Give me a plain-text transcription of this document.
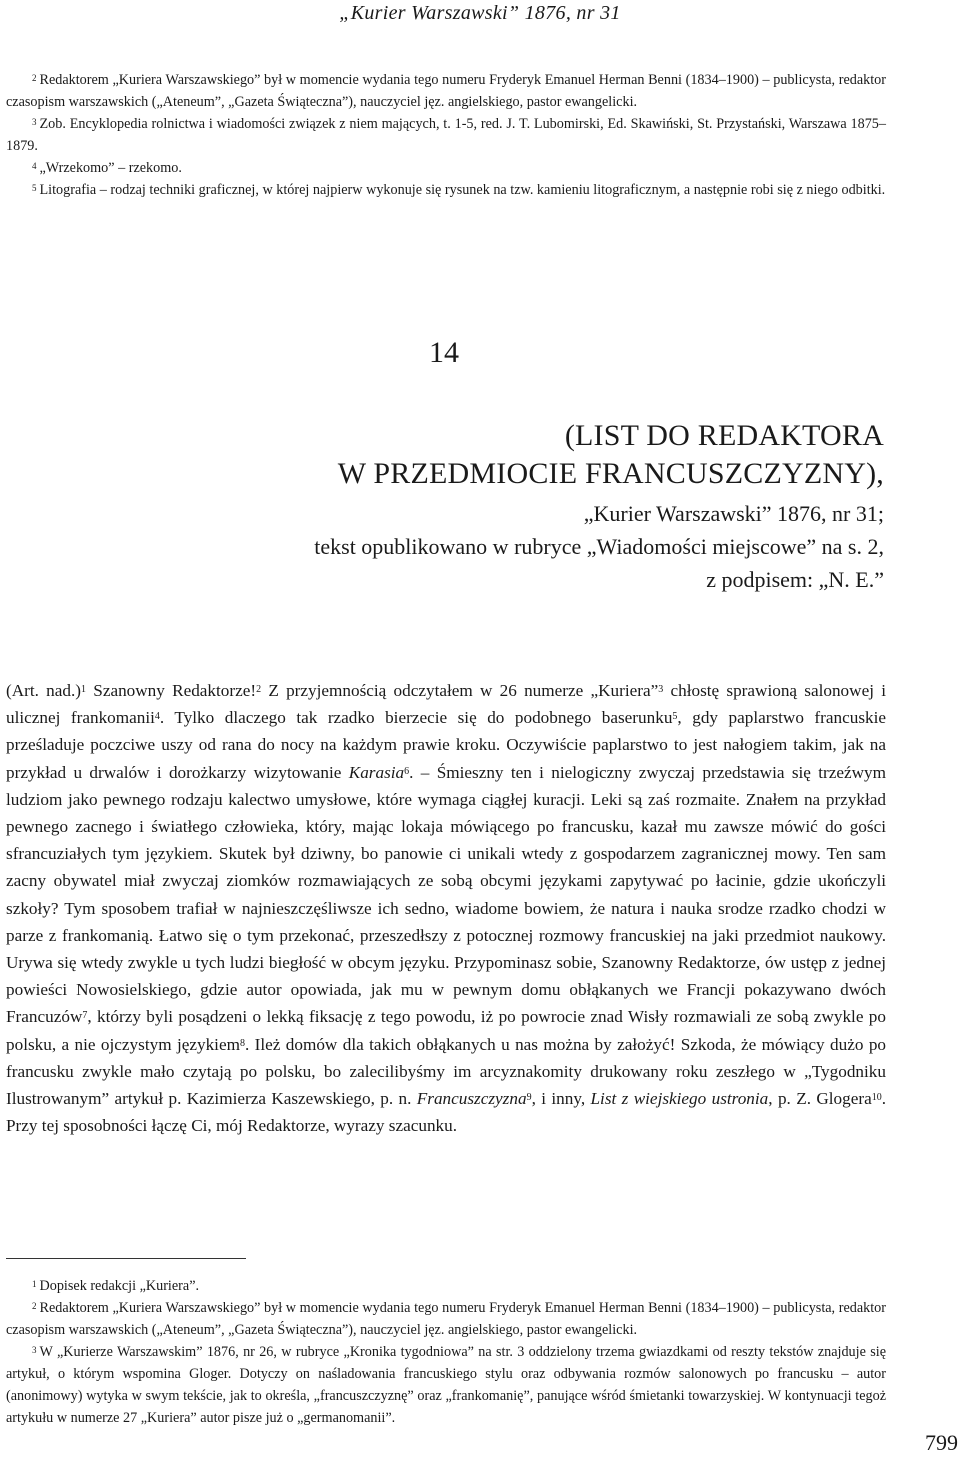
„Kurier Warszawski” 1876, nr 31

$^2$ Redaktorem „Kuriera Warszawskiego” był w momencie wydania tego numeru Fryderyk Emanuel Herman Benni (1834–1900) – publicysta, redaktor czasopism warszawskich („Ateneum”, „Gazeta Świąteczna”), nauczyciel jęz. angielskiego, pastor ewangelicki.

$^3$ Zob. Encyklopedia rolnictwa i wiadomości związek z niem mających, t. 1-5, red. J. T. Lubomirski, Ed. Skawiński, St. Przystański, Warszawa 1875–1879.

$^4$ „Wrzekomo” – rzekomo.

$^5$ Litografia – rodzaj techniki graficznej, w której najpierw wykonuje się rysunek na tzw. kamieniu litograficznym, a następnie robi się z niego odbitki.

14
(LIST DO REDAKTORA
W PRZEDMIOCIE FRANCUSZCZYZNY),
„Kurier Warszawski” 1876, nr 31;
tekst opublikowano w rubryce „Wiadomości miejscowe” na s. 2,
z podpisem: „N. E.”

(Art. nad.)$^1$ Szanowny Redaktorze!$^2$ Z przyjemnością odczytałem w 26 numerze „Kuriera”$^3$ chłostę sprawioną salonowej i ulicznej frankomanii$^4$. Tylko dlaczego tak rzadko bierzecie się do podobnego baserunku$^5$, gdy paplarstwo francuskie prześladuje poczciwe uszy od rana do nocy na każdym prawie kroku. Oczywiście paplarstwo to jest nałogiem takim, jak na przykład u drwalów i dorożkarzy wizytowanie Karasia$^6$. – Śmieszny ten i nielogiczny zwyczaj przedstawia się trzeźwym ludziom jako pewnego rodzaju kalectwo umysłowe, które wymaga ciągłej kuracji. Leki są zaś rozmaite. Znałem na przykład pewnego zacnego i światłego człowieka, który, mając lokaja mówiącego po francusku, kazał mu zawsze mówić do gości sfrancuziałych tym językiem. Skutek był dziwny, bo panowie ci unikali wtedy z gospodarzem zagranicznej mowy. Ten sam zacny obywatel miał zwyczaj ziomków rozmawiających ze sobą obcymi językami zapytywać po łacinie, gdzie ukończyli szkoły? Tym sposobem trafiał w najnieszczęśliwsze ich sedno, wiadome bowiem, że natura i nauka srodze rzadko chodzi w parze z frankomanią. Łatwo się o tym przekonać, przeszedłszy z potocznej rozmowy francuskiej na jaki przedmiot naukowy. Urywa się wtedy zwykle u tych ludzi biegłość w obcym języku. Przypominasz sobie, Szanowny Redaktorze, ów ustęp z jednej powieści Nowosielskiego, gdzie autor opowiada, jak mu w pewnym domu obłąkanych we Francji pokazywano dwóch Francuzów$^7$, którzy byli posądzeni o lekką fiksację z tego powodu, iż po powrocie znad Wisły rozmawiali ze sobą zwykle po polsku, a nie ojczystym językiem$^8$. Ileż domów dla takich obłąkanych u nas można by założyć! Szkoda, że mówiący dużo po francusku zwykle mało czytają po polsku, bo zalecilibyśmy im arcyznakomity drukowany roku zeszłego w „Tygodniku Ilustrowanym” artykuł p. Kazimierza Kaszewskiego, p. n. Francuszczyzna$^9$, i inny, List z wiejskiego ustronia, p. Z. Glogera$^{10}$. Przy tej sposobności łączę Ci, mój Redaktorze, wyrazy szacunku.

$^1$ Dopisek redakcji „Kuriera”.

$^2$ Redaktorem „Kuriera Warszawskiego” był w momencie wydania tego numeru Fryderyk Emanuel Herman Benni (1834–1900) – publicysta, redaktor czasopism warszawskich („Ateneum”, „Gazeta Świąteczna”), nauczyciel jęz. angielskiego, pastor ewangelicki.

$^3$ W „Kurierze Warszawskim” 1876, nr 26, w rubryce „Kronika tygodniowa” na str. 3 oddzielony trzema gwiazdkami od reszty tekstów znajduje się artykuł, o którym wspomina Gloger. Dotyczy on naśladowania francuskiego stylu oraz odbywania rozmów salonowych po francusku – autor (anonimowy) wytyka w swym tekście, jak to określa, „francuszczyznę” oraz „frankomanię”, panujące wśród śmietanki towarzyskiej. W kontynuacji tegoż artykułu w numerze 27 „Kuriera” autor pisze już o „germanomanii”.

799
